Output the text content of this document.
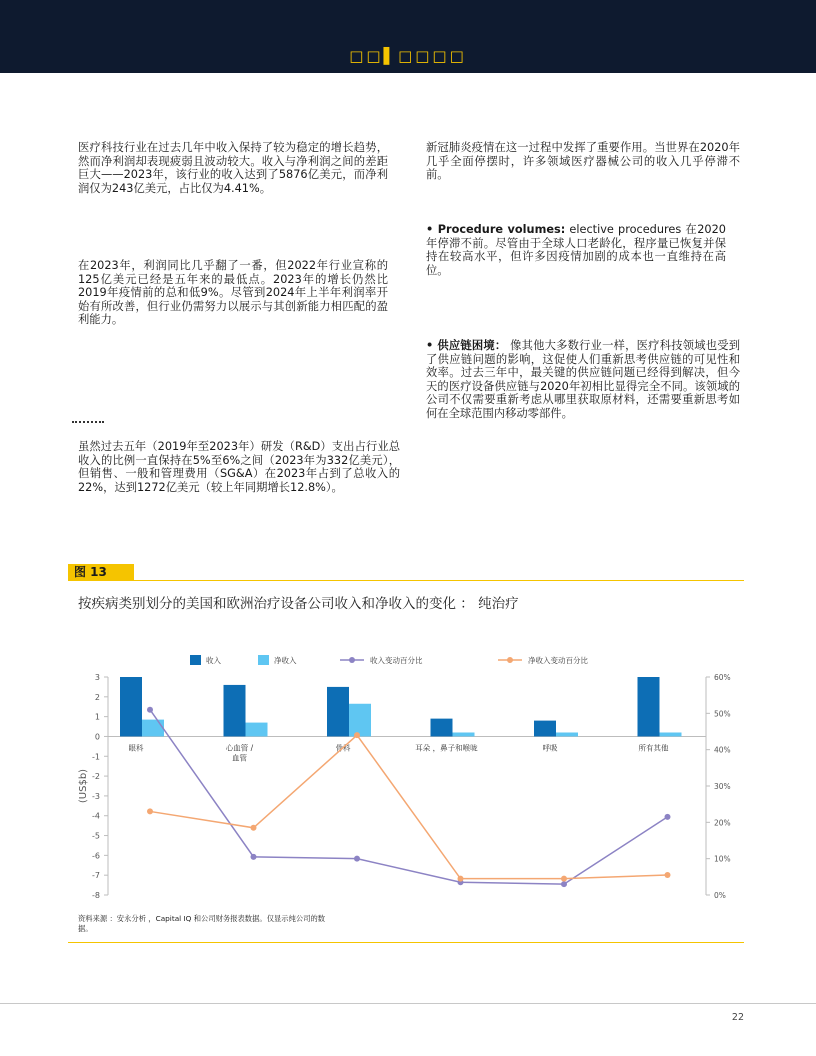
□□▌□□□□

医疗科技行业在过去几年中收入保持了较为稳定的增长趋势，然而净利润却表现疲弱且波动较大。收入与净利润之间的差距巨大——2023年，该行业的收入达到了5876亿美元，而净利润仅为243亿美元，占比仅为4.41%。

在2023年，利润同比几乎翻了一番，但2022年行业宣称的125亿美元已经是五年来的最低点。2023年的增长仍然比2019年疫情前的总和低9%。尽管到2024年上半年利润率开始有所改善，但行业仍需努力以展示与其创新能力相匹配的盈利能力。

虽然过去五年（2019年至2023年）研发（R&D）支出占行业总收入的比例一直保持在5%至6%之间（2023年为332亿美元），但销售、一般和管理费用（SG&A）在2023年占到了总收入的22%，达到1272亿美元（较上年同期增长12.8%）。

新冠肺炎疫情在这一过程中发挥了重要作用。当世界在2020年几乎全面停摆时，许多领域医疗器械公司的收入几乎停滞不前。

• Procedure volumes: elective procedures 在2020年停滞不前。尽管由于全球人口老龄化，程序量已恢复并保持在较高水平，但许多因疫情加剧的成本也一直维持在高位。

• 供应链困境： 像其他大多数行业一样，医疗科技领域也受到了供应链问题的影响，这促使人们重新思考供应链的可见性和效率。过去三年中，最关键的供应链问题已经得到解决，但今天的医疗设备供应链与2020年初相比显得完全不同。该领域的公司不仅需要重新考虑从哪里获取原材料，还需要重新思考如何在全球范围内移动零部件。

图 13
按疾病类别划分的美国和欧洲治疗设备公司收入和净收入的变化 ： 纯治疗
3
2
1
0
-1
-2
-3
-4
-5
-6
-7
-8
60%
50%
40%
30%
20%
10%
0%
(US$b)
眼科	心血管 /
血管
骨科	耳朵 ，鼻子和喉咙	呼吸	所有其他
收入	净收入	收入变动百分比	净收入变动百分比
资料来源 ：安永分析 ，Capital IQ 和公司财务报表数据。仅显示纯公司的数据。
22
